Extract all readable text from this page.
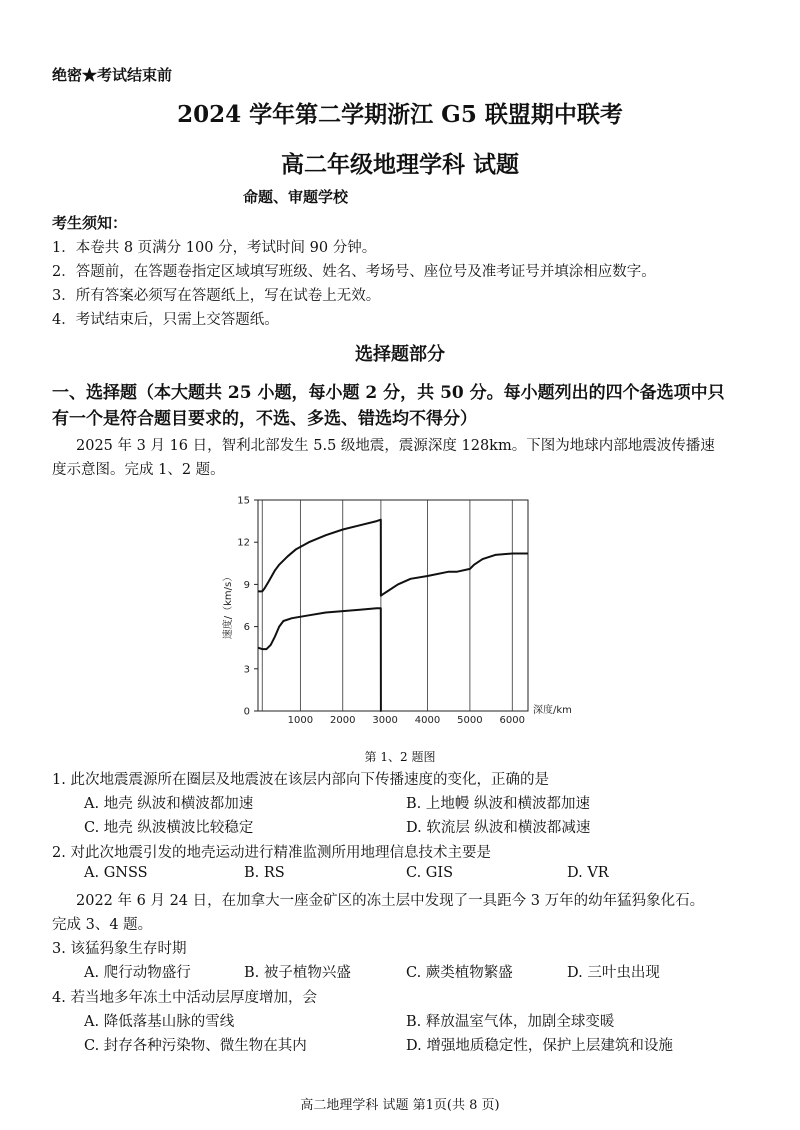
绝密★考试结束前
2024 学年第二学期浙江 G5 联盟期中联考
高二年级地理学科 试题
命题、审题学校
考生须知：
1．本卷共 8 页满分 100 分，考试时间 90 分钟。
2．答题前，在答题卷指定区域填写班级、姓名、考场号、座位号及准考证号并填涂相应数字。
3．所有答案必须写在答题纸上，写在试卷上无效。
4．考试结束后，只需上交答题纸。
选择题部分
一、选择题（本大题共 25 小题，每小题 2 分，共 50 分。每小题列出的四个备选项中只
有一个是符合题目要求的，不选、多选、错选均不得分）
2025 年 3 月 16 日，智利北部发生 5.5 级地震，震源深度 128km。下图为地球内部地震波传播速
度示意图。完成 1、2 题。
0
3
6
9
12
15
1000 2000 3000 4000 5000 6000
深度/km
速度/（km/s）
第 1、2 题图
1. 此次地震震源所在圈层及地震波在该层内部向下传播速度的变化，正确的是
A. 地壳 纵波和横波都加速	B. 上地幔 纵波和横波都加速
C. 地壳 纵波横波比较稳定	D. 软流层 纵波和横波都减速
2. 对此次地震引发的地壳运动进行精准监测所用地理信息技术主要是
A. GNSS	B. RS	C. GIS	D. VR
2022 年 6 月 24 日，在加拿大一座金矿区的冻土层中发现了一具距今 3 万年的幼年猛犸象化石。
完成 3、4 题。
3. 该猛犸象生存时期
A. 爬行动物盛行	B. 被子植物兴盛	C. 蕨类植物繁盛	D. 三叶虫出现
4. 若当地多年冻土中活动层厚度增加，会
A. 降低落基山脉的雪线	B. 释放温室气体，加剧全球变暖
C. 封存各种污染物、微生物在其内	D. 增强地质稳定性，保护上层建筑和设施
高二地理学科 试题 第1页(共 8 页)
